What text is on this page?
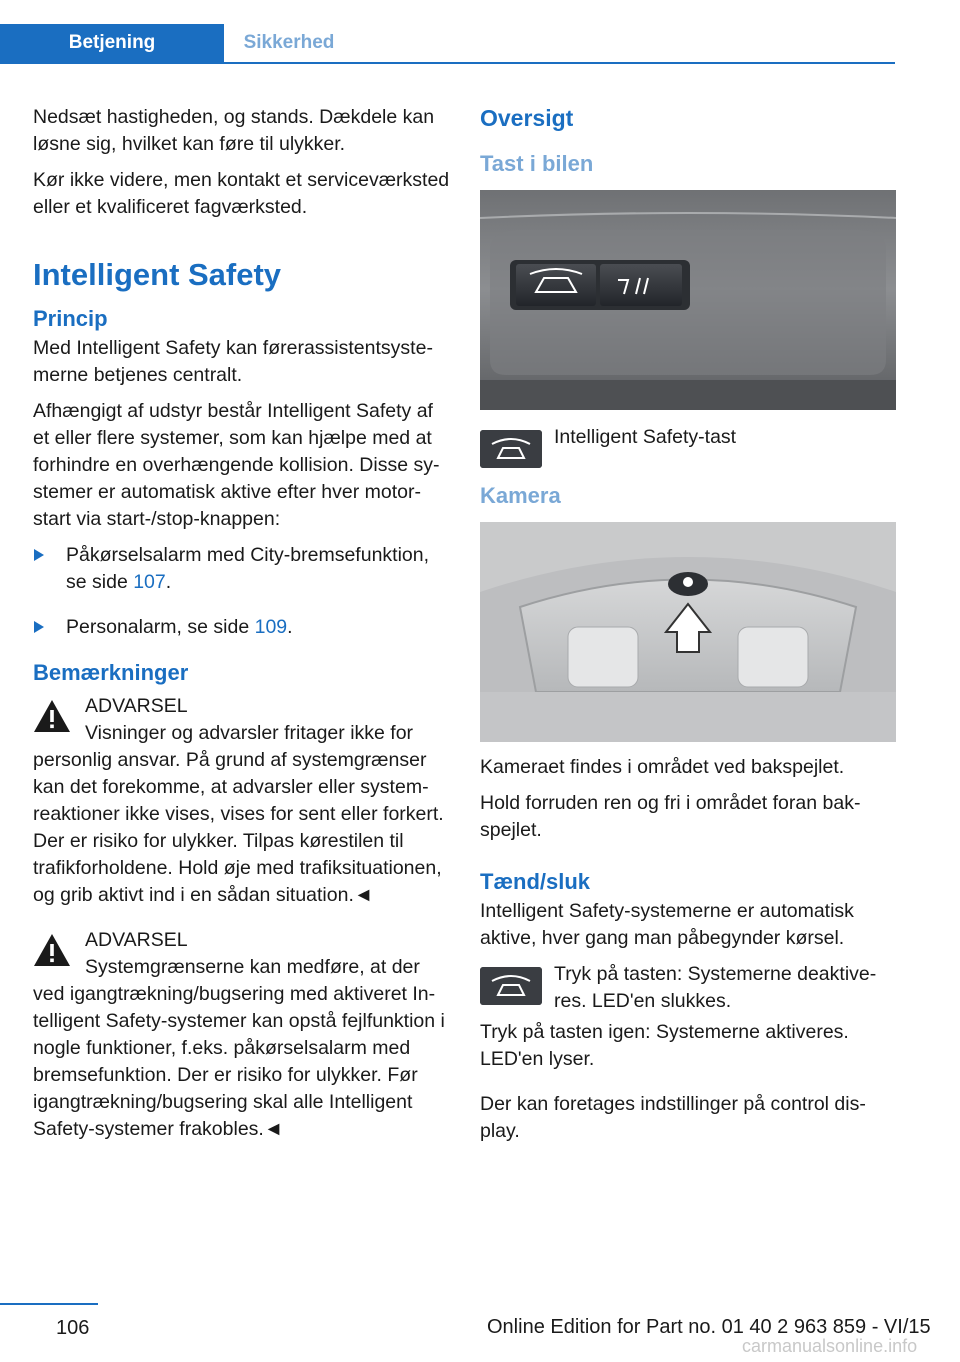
Betjening	Sikkerhed

Nedsæt hastigheden, og stands. Dækdele kan løsne sig, hvilket kan føre til ulykker.

Kør ikke videre, men kontakt et serviceværksted eller et kvalificeret fagværksted.

Intelligent Safety
Princip

Med Intelligent Safety kan førerassistentsystemerne betjenes centralt.

Afhængigt af udstyr består Intelligent Safety af et eller flere systemer, som kan hjælpe med at forhindre en overhængende kollision. Disse systemer er automatisk aktive efter hver motorstart via start-/stop-knappen:

Påkørselsalarm med City-bremsefunktion, se side 107.
Personalarm, se side 109.
Bemærkninger
ADVARSEL
Visninger og advarsler fritager ikke for personlig ansvar. På grund af systemgrænser kan det forekomme, at advarsler eller systemreaktioner ikke vises, vises for sent eller forkert. Der er risiko for ulykker. Tilpas kørestilen til trafikforholdene. Hold øje med trafiksituationen, og grib aktivt ind i en sådan situation.◄
ADVARSEL
Systemgrænserne kan medføre, at der ved igangtrækning/bugsering med aktiveret Intelligent Safety-systemer kan opstå fejlfunktion i nogle funktioner, f.eks. påkørselsalarm med bremsefunktion. Der er risiko for ulykker. Før igangtrækning/bugsering skal alle Intelligent Safety-systemer frakobles.◄
Oversigt
Tast i bilen
Intelligent Safety-tast
Kamera

Kameraet findes i området ved bakspejlet.

Hold forruden ren og fri i området foran bakspejlet.

Tænd/sluk

Intelligent Safety-systemerne er automatisk aktive, hver gang man påbegynder kørsel.

Tryk på tasten: Systemerne deaktiveres. LED'en slukkes.

Tryk på tasten igen: Systemerne aktiveres. LED'en lyser.

Der kan foretages indstillinger på control display.

106	Online Edition for Part no. 01 40 2 963 859 - VI/15
carmanualsonline.info
